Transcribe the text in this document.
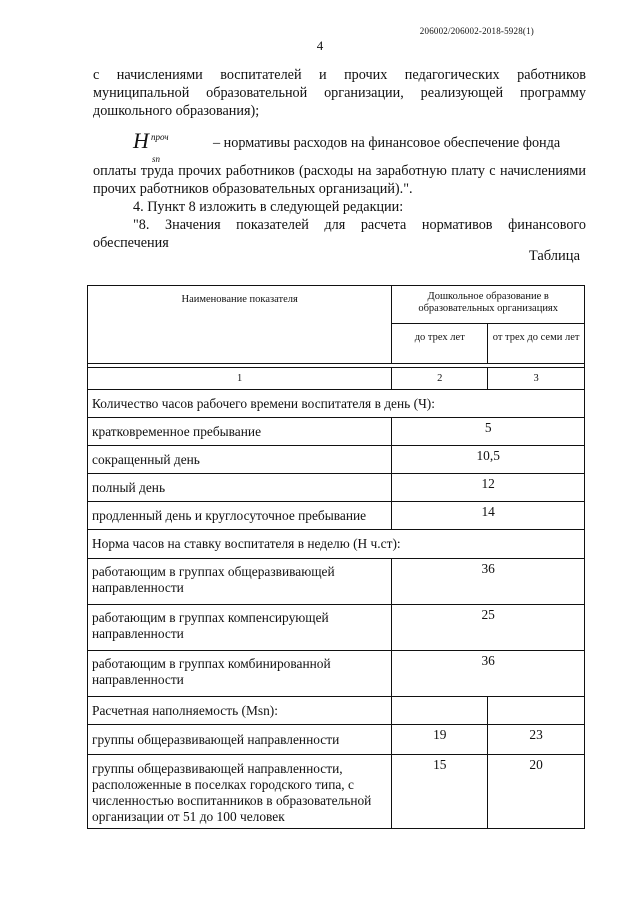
206002/206002-2018-5928(1)
4

с начислениями воспитателей и прочих педагогических работников муниципальной образовательной организации, реализующей программу дошкольного образования);

H проч
sn
– нормативы расходов на финансовое обеспечение фонда

оплаты труда прочих работников (расходы на заработную плату с начислениями прочих работников образовательных организаций).".

4. Пункт 8 изложить в следующей редакции:

"8. Значения показателей для расчета нормативов финансового обеспечения

Таблица
Наименование показателя	Дошкольное образование в образовательных организациях	
	до трех лет	от трех до семи лет

1	2	3
Количество часов рабочего времени воспитателя в день (Ч):		
кратковременное пребывание	5	
сокращенный день	10,5	
полный день	12	
продленный день и круглосуточное пребывание	14	
Норма часов на ставку воспитателя в неделю (Н ч.ст):		
работающим в группах общеразвивающей направленности	36	
работающим в группах компенсирующей направленности	25	
работающим в группах комбинированной направленности	36	
Расчетная наполняемость (Msn):		
группы общеразвивающей направленности	19	23
группы общеразвивающей направленности, расположенные в поселках городского типа, с численностью воспитанников в образовательной организации от 51 до 100 человек	15	20
